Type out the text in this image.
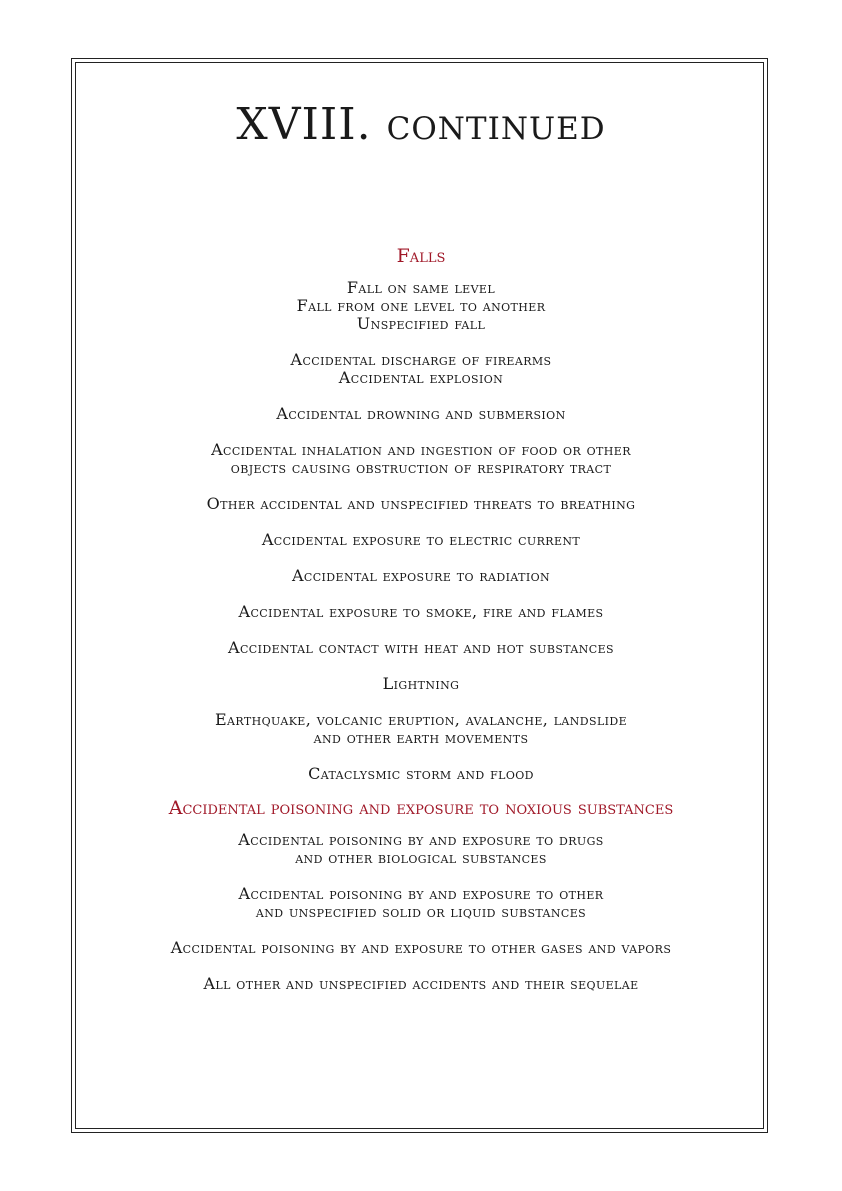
XVIII. continued
Falls

Fall on same level
Fall from one level to another
Unspecified fall

Accidental discharge of firearms
Accidental explosion

Accidental drowning and submersion

Accidental inhalation and ingestion of food or other
objects causing obstruction of respiratory tract

Other accidental and unspecified threats to breathing

Accidental exposure to electric current

Accidental exposure to radiation

Accidental exposure to smoke, fire and flames

Accidental contact with heat and hot substances

Lightning

Earthquake, volcanic eruption, avalanche, landslide
and other earth movements

Cataclysmic storm and flood

Accidental poisoning and exposure to noxious substances

Accidental poisoning by and exposure to drugs
and other biological substances

Accidental poisoning by and exposure to other
and unspecified solid or liquid substances

Accidental poisoning by and exposure to other gases and vapors

All other and unspecified accidents and their sequelae
